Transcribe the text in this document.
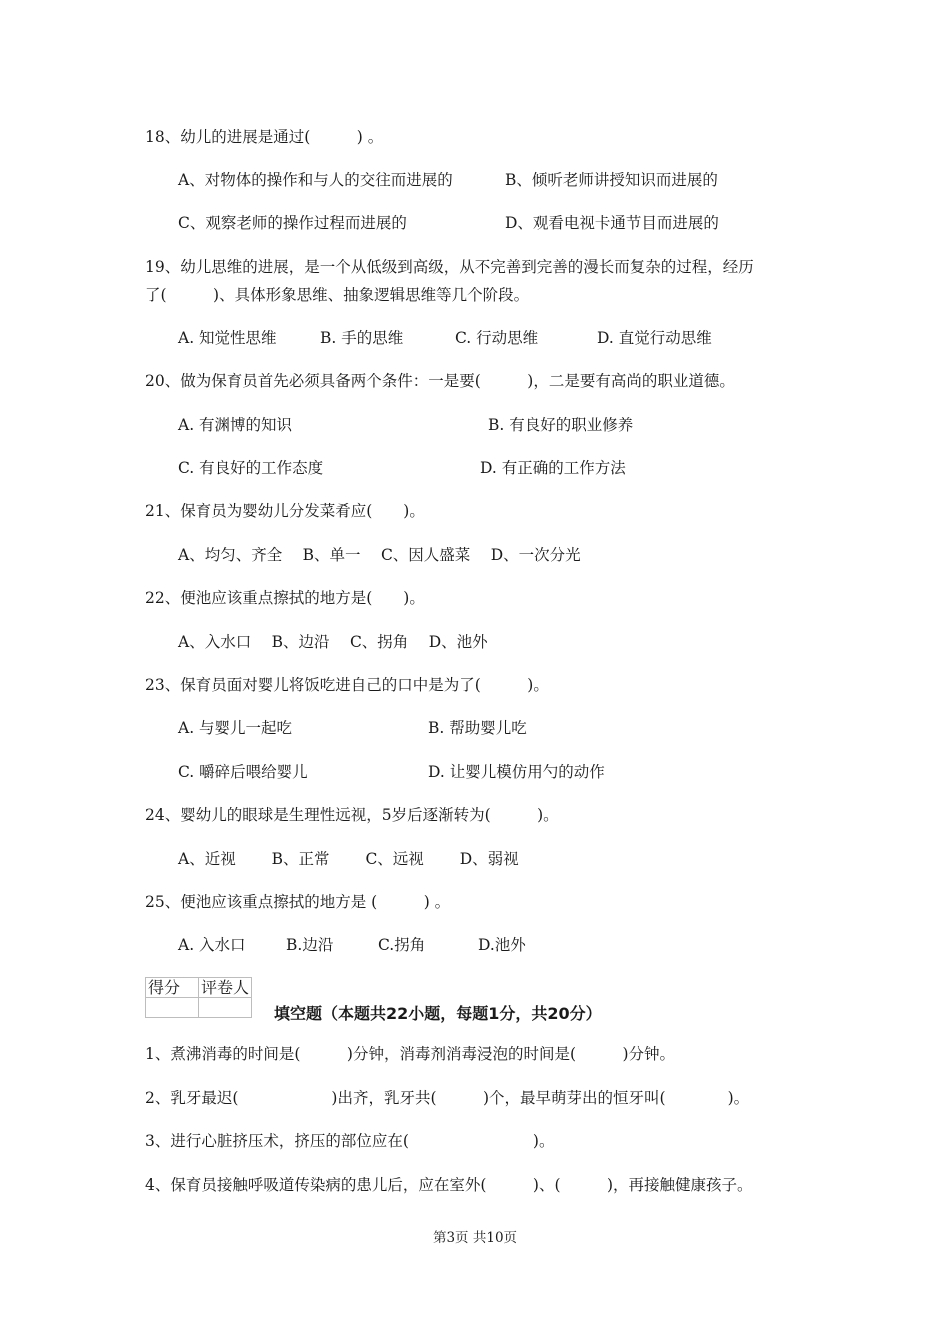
18、幼儿的进展是通过(　　　) 。
A、对物体的操作和与人的交往而进展的	B、倾听老师讲授知识而进展的
C、观察老师的操作过程而进展的	D、观看电视卡通节目而进展的
19、幼儿思维的进展，是一个从低级到高级，从不完善到完善的漫长而复杂的过程，经历
了(　　　)、具体形象思维、抽象逻辑思维等几个阶段。
A. 知觉性思维	B. 手的思维	C. 行动思维	D. 直觉行动思维
20、做为保育员首先必须具备两个条件：一是要(　　　)，二是要有高尚的职业道德。
A. 有渊博的知识	B. 有良好的职业修养
C. 有良好的工作态度	D. 有正确的工作方法
21、保育员为婴幼儿分发菜肴应(　　)。
A、均匀、齐全　 B、单一　 C、因人盛菜　 D、一次分光
22、便池应该重点擦拭的地方是(　　)。
A、入水口　 B、边沿　 C、拐角　 D、池外
23、保育员面对婴儿将饭吃进自己的口中是为了(　　　)。
A. 与婴儿一起吃	B. 帮助婴儿吃
C. 嚼碎后喂给婴儿	D. 让婴儿模仿用勺的动作
24、婴幼儿的眼球是生理性远视，5岁后逐渐转为(　　　)。
A、近视　　 B、正常　　 C、远视　　 D、弱视
25、便池应该重点擦拭的地方是 (　　　) 。
A. 入水口	B.边沿	C.拐角	D.池外
得分	评卷人

填空题（本题共22小题，每题1分，共20分）
1、煮沸消毒的时间是(　　　)分钟，消毒剂消毒浸泡的时间是(　　　)分钟。
2、乳牙最迟(　　　　　　)出齐，乳牙共(　　　)个，最早萌芽出的恒牙叫(　　　　)。
3、进行心脏挤压术，挤压的部位应在(　　　　　　　　)。
4、保育员接触呼吸道传染病的患儿后，应在室外(　　　)、(　　　)，再接触健康孩子。
第3页 共10页
